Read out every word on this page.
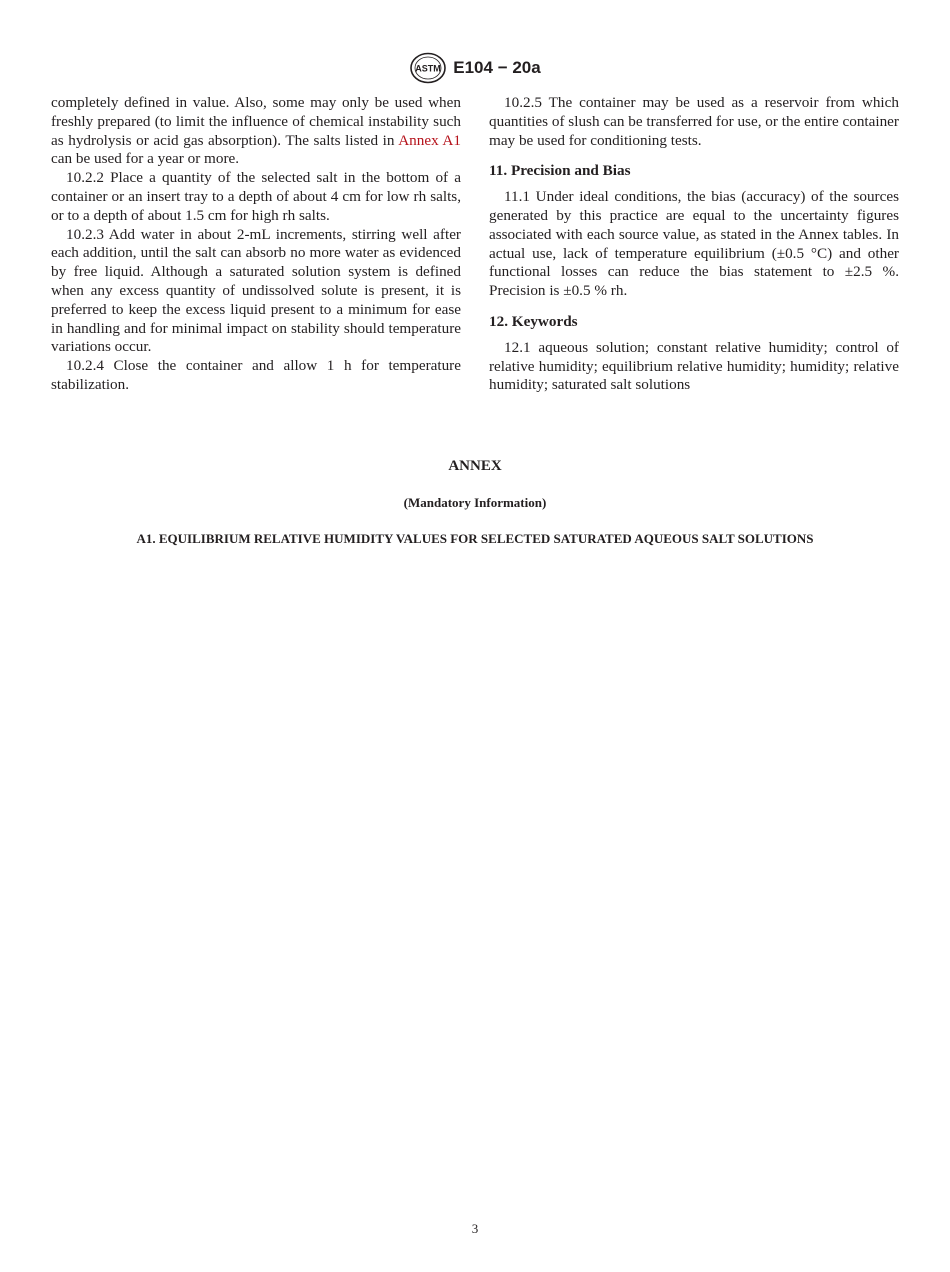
ASTM E104 − 20a

completely defined in value. Also, some may only be used when freshly prepared (to limit the influence of chemical instability such as hydrolysis or acid gas absorption). The salts listed in Annex A1 can be used for a year or more.

10.2.2 Place a quantity of the selected salt in the bottom of a container or an insert tray to a depth of about 4 cm for low rh salts, or to a depth of about 1.5 cm for high rh salts.

10.2.3 Add water in about 2-mL increments, stirring well after each addition, until the salt can absorb no more water as evidenced by free liquid. Although a saturated solution system is defined when any excess quantity of undissolved solute is present, it is preferred to keep the excess liquid present to a minimum for ease in handling and for minimal impact on stability should temperature variations occur.

10.2.4 Close the container and allow 1 h for temperature stabilization.

10.2.5 The container may be used as a reservoir from which quantities of slush can be transferred for use, or the entire container may be used for conditioning tests.

11. Precision and Bias

11.1 Under ideal conditions, the bias (accuracy) of the sources generated by this practice are equal to the uncertainty figures associated with each source value, as stated in the Annex tables. In actual use, lack of temperature equilibrium (±0.5 °C) and other functional losses can reduce the bias statement to ±2.5 %. Precision is ±0.5 % rh.

12. Keywords

12.1 aqueous solution; constant relative humidity; control of relative humidity; equilibrium relative humidity; humidity; relative humidity; saturated salt solutions

ANNEX
(Mandatory Information)
A1. EQUILIBRIUM RELATIVE HUMIDITY VALUES FOR SELECTED SATURATED AQUEOUS SALT SOLUTIONS
3
